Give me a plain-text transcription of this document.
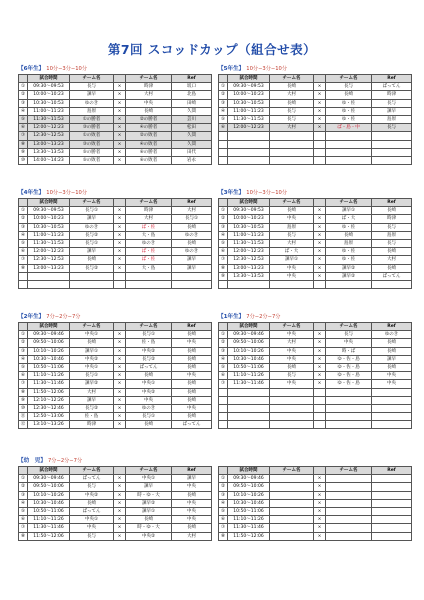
第7回 スコッドカップ（組合せ表）
【6年生】 10分−3分−10分
	試合時間	チーム名		チーム名	Ref
①	09:30～09:53	長与	×	時津	坂口
②	10:00～10:23	諫早	×	大村	北島
③	10:30～10:53	ゆのき	×	中央	田崎
④	11:00～11:23	島原	×	長崎	久間
⑤	11:30～11:53	①の勝者	×	②の勝者	芸川
⑥	12:00～12:23	③の勝者	×	④の勝者	松田
⑦	12:30～12:53	①の敗者	×	②の敗者	久間
⑧	13:00～13:23	③の敗者	×	④の敗者	久間
⑨	13:30～13:53	⑤の勝者	×	⑥の勝者	田代
⑩	14:00～14:23	⑤の敗者	×	⑥の敗者	岩永
【5年生】 10分−3分−10分
	試合時間	チーム名		チーム名	Ref
①	09:30～09:53	長崎	×	長与	ばってん
②	10:00～10:23	大村	×	長崎	時津
③	10:30～10:53	長崎	×	ゆ・佐	長与
④	11:00～11:23	長与	×	ゆ・佐	諫早
⑤	11:30～11:53	長与	×	ゆ・佐	島原
⑥	12:00～12:23	大村	×	ば・島・中	長与

【4年生】 10分−3分−10分
	試合時間	チーム名		チーム名	Ref
①	09:30～09:53	長与①	×	時津	大村
②	10:00～10:23	諫早	×	大村	長与①
③	10:30～10:53	ゆのき	×	ば・佐	長崎
④	11:00～11:23	長与②	×	大・島	ゆのき
⑤	11:30～11:53	長与①	×	ゆのき	長崎
⑥	12:00～12:23	諫早	×	ば・佐	ゆのき
⑦	12:30～12:53	長崎	×	ば・佐	諫早
⑧	13:00～13:23	長与②	×	大・島	諫早

【3年生】 10分−3分−10分
	試合時間	チーム名		チーム名	Ref
①	09:30～09:53	長崎	×	諫早①	長崎
②	10:00～10:23	中央	×	ば・大	時津
③	10:30～10:53	島原	×	ゆ・佐	長与
④	11:00～11:23	長与	×	長崎	島原
⑤	11:30～11:53	大村	×	島原	長与
⑥	12:00～12:23	ば・大	×	ゆ・佐	長崎
⑦	12:30～12:53	諫早①	×	ゆ・佐	大村
⑧	13:00～13:23	中央	×	諫早②	長崎
⑨	13:30～13:53	中央	×	諫早②	ばってん

【2年生】 7分−2分−7分
	試合時間	チーム名		チーム名	Ref
①	09:30～09:46	中央①	×	長与①	長崎
②	09:50～10:06	長崎	×	佐・島	中央
③	10:10～10:26	諫早①	×	中央②	長崎
④	10:30～10:46	中央②	×	長与②	長崎
⑤	10:50～11:06	中央①	×	ばってん	長崎
⑥	11:10～11:26	長与①	×	長崎	中央
⑦	11:30～11:46	諫早②	×	中央①	長崎
⑧	11:50～12:06	大村	×	中央②	長崎
⑨	12:10～12:26	諫早	×	中央	長崎
⑩	12:30～12:46	長与②	×	ゆのき	中央
⑪	12:50～13:06	佐・島	×	長与①	長崎
⑫	13:10～13:26	時津	×	長崎	ばってん
【1年生】 7分−2分−7分
	試合時間	チーム名		チーム名	Ref
①	09:30～09:46	中央	×	長与	ゆのき
②	09:50～10:06	大村	×	中央	長崎
③	10:10～10:26	中央	×	時・ば	長崎
④	10:30～10:46	中央	×	ゆ・佐・島	諫早
⑤	10:50～11:06	長崎	×	ゆ・佐・島	長崎
⑥	11:10～11:26	長与	×	ゆ・佐・島	中央
⑦	11:30～11:46	中央	×	ゆ・佐・島	中央

【幼　児】 7分−2分−7分
	試合時間	チーム名		チーム名	Ref
①	09:30～09:46	ばってん	×	中央①	諫早
②	09:50～10:06	長与	×	諫早	中央
③	10:10～10:26	中央②	×	時・ゆ・大	長崎
④	10:30～10:46	長崎	×	諫早②	中央
⑤	10:50～11:06	ばってん	×	諫早①	中央
⑥	11:10～11:26	中央①	×	長崎	中央
⑦	11:30～11:46	中央	×	時・ゆ・大	長崎
⑧	11:50～12:06	長与	×	中央②	大村
	試合時間	チーム名		チーム名	Ref
①	09:30～09:46		×		
②	09:50～10:06		×		
③	10:10～10:26		×		
④	10:30～10:46		×		
⑤	10:50～11:06		×		
⑥	11:10～11:26		×		
⑦	11:30～11:46		×		
⑧	11:50～12:06		×		
